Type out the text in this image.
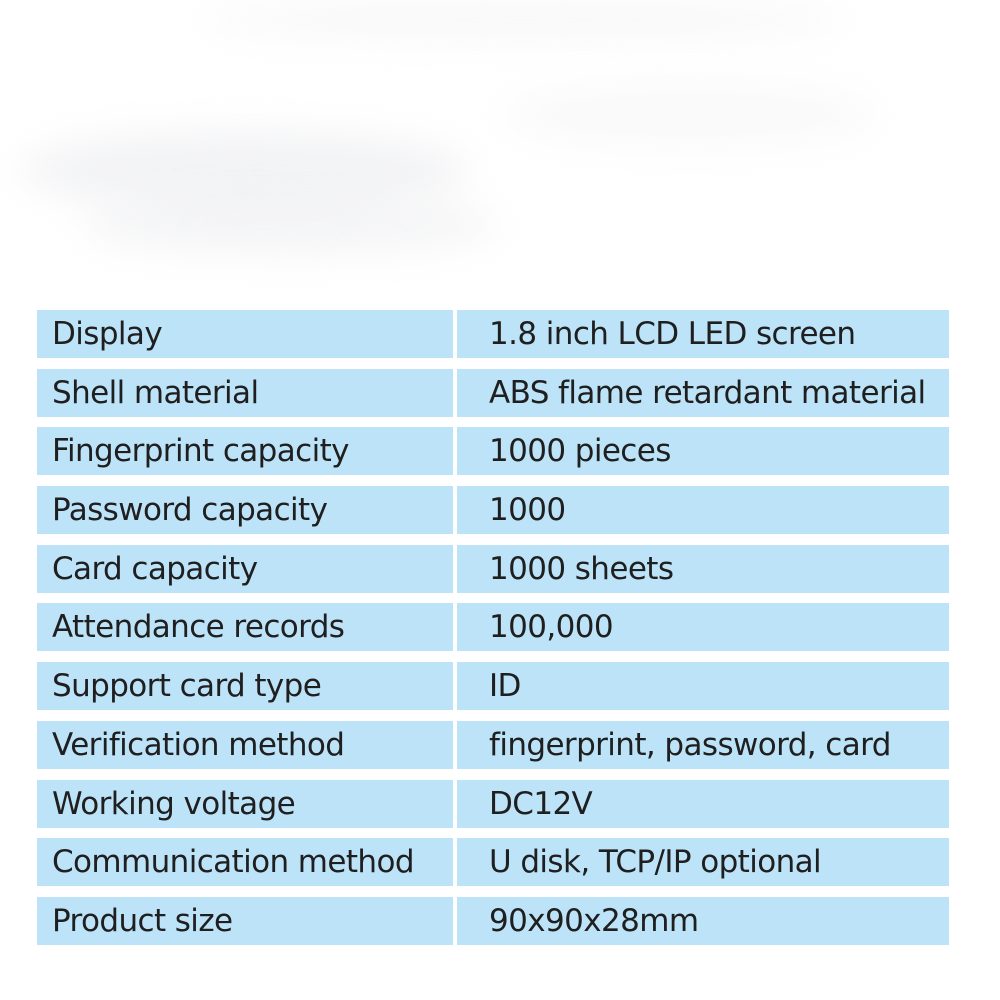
Display	1.8 inch LCD LED screen
Shell material	ABS flame retardant material
Fingerprint capacity	1000 pieces
Password capacity	1000
Card capacity	1000 sheets
Attendance records	100,000
Support card type	ID
Verification method	fingerprint, password, card
Working voltage	DC12V
Communication method	U disk, TCP/IP optional
Product size	90x90x28mm
